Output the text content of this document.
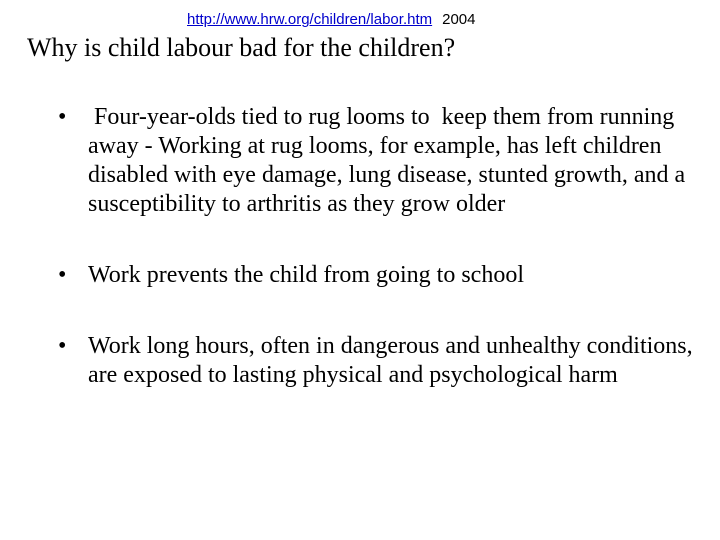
http://www.hrw.org/children/labor.htm 2004
Why is child labour bad for the children?
• Four-year-olds tied to rug looms to  keep them from running away - Working at rug looms, for example, has left children disabled with eye damage, lung disease, stunted growth, and a susceptibility to arthritis as they grow older
• Work prevents the child from going to school
• Work long hours, often in dangerous and unhealthy conditions, are exposed to lasting physical and psychological harm
